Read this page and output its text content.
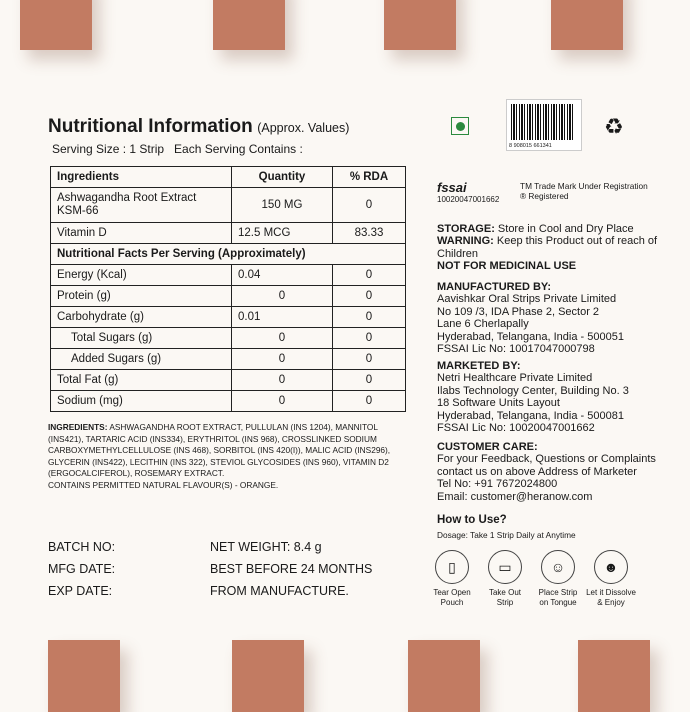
Nutritional Information (Approx. Values)
Serving Size : 1 Strip   Each Serving Contains :
Ingredients	Quantity	% RDA
Ashwagandha Root Extract KSM-66	150 MG	0
Vitamin D	12.5 MCG	83.33
Nutritional Facts Per Serving (Approximately)		
Energy (Kcal)	0.04	0
Protein (g)	0	0
Carbohydrate (g)	0.01	0
Total Sugars (g)	0	0
Added Sugars (g)	0	0
Total Fat (g)	0	0
Sodium (mg)	0	0
INGREDIENTS: ASHWAGANDHA ROOT EXTRACT, PULLULAN (INS 1204), MANNITOL (INS421), TARTARIC ACID (INS334), ERYTHRITOL (INS 968), CROSSLINKED SODIUM CARBOXYMETHYLCELLULOSE (INS 468), SORBITOL (INS 420(I)), MALIC ACID (INS296), GLYCERIN (INS422), LECITHIN (INS 322), STEVIOL GLYCOSIDES (INS 960), VITAMIN D2 (ERGOCALCIFEROL), ROSEMARY EXTRACT.
CONTAINS PERMITTED NATURAL FLAVOUR(S) - ORANGE.
BATCH NO:	NET WEIGHT: 8.4 g
MFG DATE:	BEST BEFORE 24 MONTHS
EXP DATE:	FROM MANUFACTURE.
8 908015 661341
♻
fssai
10020047001662
TM Trade Mark Under Registration
® Registered
STORAGE: Store in Cool and Dry Place
WARNING: Keep this Product out of reach of Children
NOT FOR MEDICINAL USE
MANUFACTURED BY:
Aavishkar Oral Strips Private Limited
No 109 /3, IDA Phase 2, Sector 2
Lane 6 Cherlapally
Hyderabad, Telangana, India - 500051
FSSAI Lic No: 10017047000798
MARKETED BY:
Netri Healthcare Private Limited
Ilabs Technology Center, Building No. 3
18 Software Units Layout
Hyderabad, Telangana, India - 500081
FSSAI Lic No: 10020047001662
CUSTOMER CARE:
For your Feedback, Questions or Complaints
contact us on above Address of Marketer
Tel No: +91 7672024800
Email: customer@heranow.com
How to Use?
Dosage: Take 1 Strip Daily at Anytime
▯
Tear Open
Pouch
▭
Take Out
Strip
☺
Place Strip
on Tongue
☻
Let it Dissolve
& Enjoy
